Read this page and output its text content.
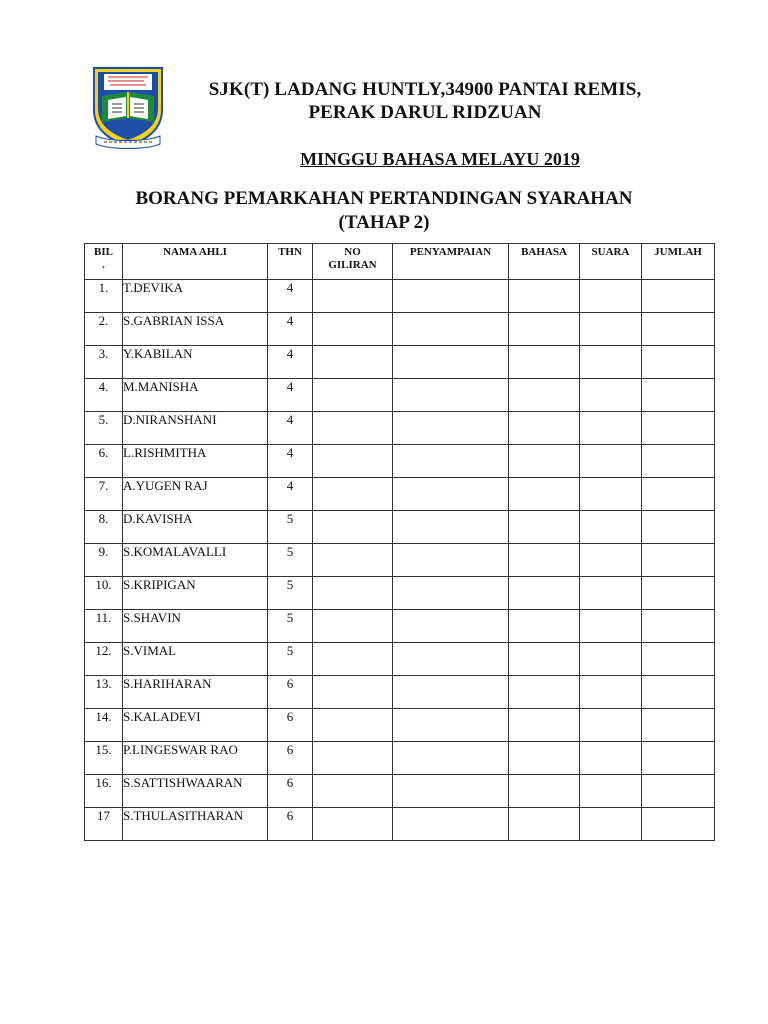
SJK(T) LADANG HUNTLY,34900 PANTAI REMIS,
PERAK DARUL RIDZUAN
MINGGU BAHASA MELAYU 2019
BORANG PEMARKAHAN PERTANDINGAN SYARAHAN
(TAHAP 2)
BIL
.	NAMA AHLI	THN	NO
GILIRAN	PENYAMPAIAN	BAHASA	SUARA	JUMLAH
1.	T.DEVIKA	4					
2.	S.GABRIAN ISSA	4					
3.	Y.KABILAN	4					
4.	M.MANISHA	4					
5.	D.NIRANSHANI	4					
6.	L.RISHMITHA	4					
7.	A.YUGEN RAJ	4					
8.	D.KAVISHA	5					
9.	S.KOMALAVALLI	5					
10.	S.KRIPIGAN	5					
11.	S.SHAVIN	5					
12.	S.VIMAL	5					
13.	S.HARIHARAN	6					
14.	S.KALADEVI	6					
15.	P.LINGESWAR RAO	6					
16.	S.SATTISHWAARAN	6					
17	S.THULASITHARAN	6					
